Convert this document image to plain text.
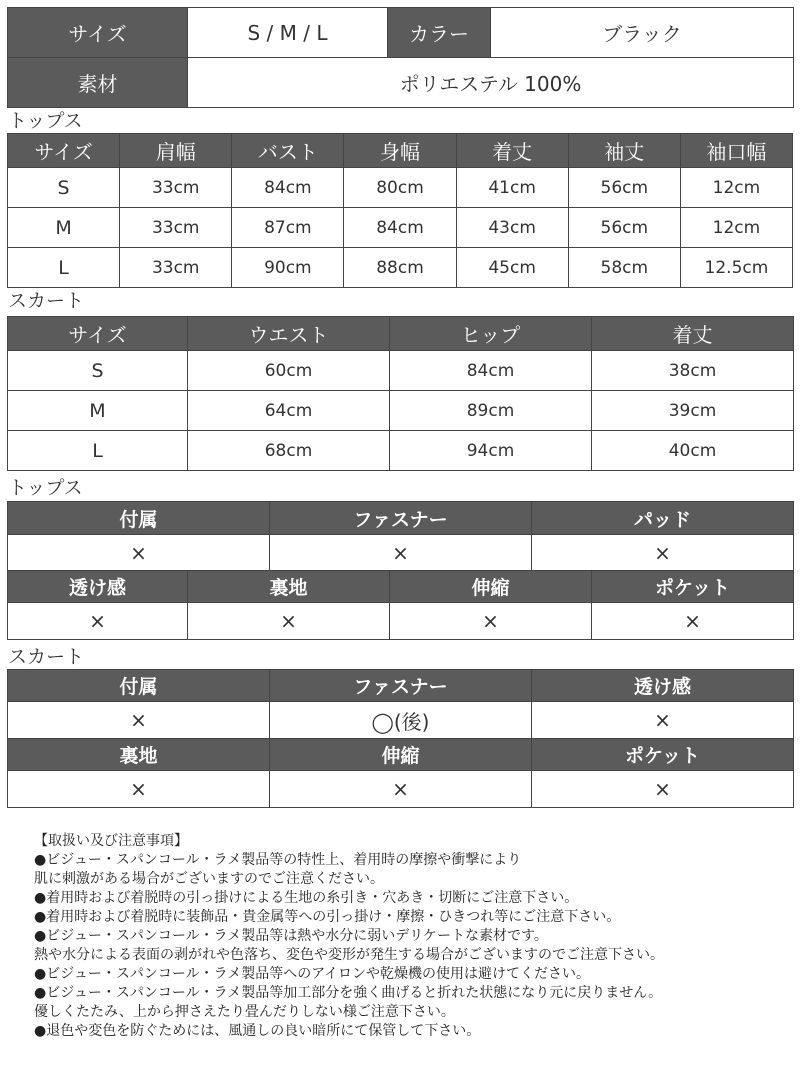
サイズ	S / M / L	カラー	ブラック
素材	ポリエステル 100%		
トップス
サイズ	肩幅	バスト	身幅	着丈	袖丈	袖口幅
S	33cm	84cm	80cm	41cm	56cm	12cm
M	33cm	87cm	84cm	43cm	56cm	12cm
L	33cm	90cm	88cm	45cm	58cm	12.5cm
スカート
サイズ	ウエスト	ヒップ	着丈
S	60cm	84cm	38cm
M	64cm	89cm	39cm
L	68cm	94cm	40cm
トップス
付属	ファスナー	パッド
×	×	×
透け感	裏地	伸縮	ポケット
×	×	×	×
スカート
付属	ファスナー	透け感
×	◯(後)	×
裏地	伸縮	ポケット
×	×	×
【取扱い及び注意事項】
●ビジュー・スパンコール・ラメ製品等の特性上、着用時の摩擦や衝撃により
肌に刺激がある場合がございますのでご注意ください。
●着用時および着脱時の引っ掛けによる生地の糸引き・穴あき・切断にご注意下さい。
●着用時および着脱時に装飾品・貴金属等への引っ掛け・摩擦・ひきつれ等にご注意下さい。
●ビジュー・スパンコール・ラメ製品等は熱や水分に弱いデリケートな素材です。
熱や水分による表面の剥がれや色落ち、変色や変形が発生する場合がございますのでご注意下さい。
●ビジュー・スパンコール・ラメ製品等へのアイロンや乾燥機の使用は避けてください。
●ビジュー・スパンコール・ラメ製品等加工部分を強く曲げると折れた状態になり元に戻りません。
優しくたたみ、上から押さえたり畳んだりしない様ご注意下さい。
●退色や変色を防ぐためには、風通しの良い暗所にて保管して下さい。
